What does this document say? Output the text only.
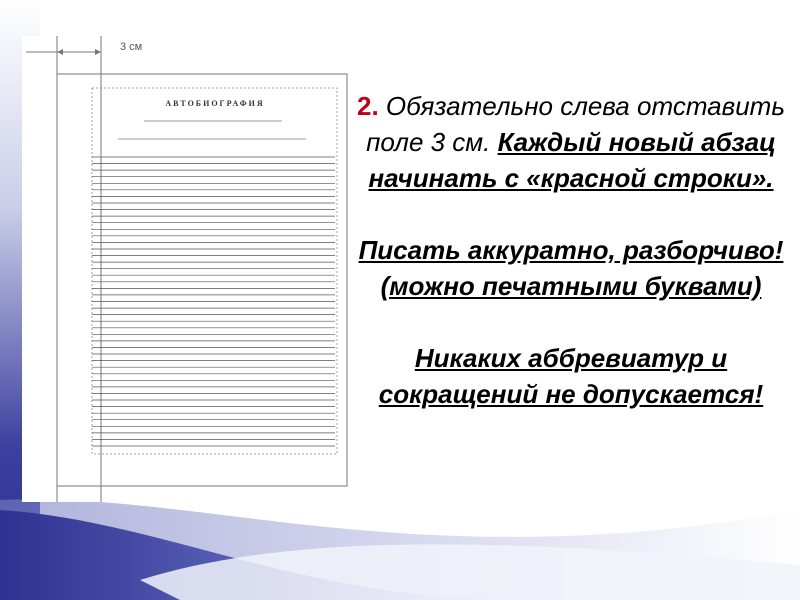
3 см
АВТОБИОГРАФИЯ	2. Обязательно слева отставить поле 3 см. Каждый новый абзац начинать с «красной строки».

Писать аккуратно, разборчиво! (можно печатными буквами)

Никаких аббревиатур и сокращений не допускается!
